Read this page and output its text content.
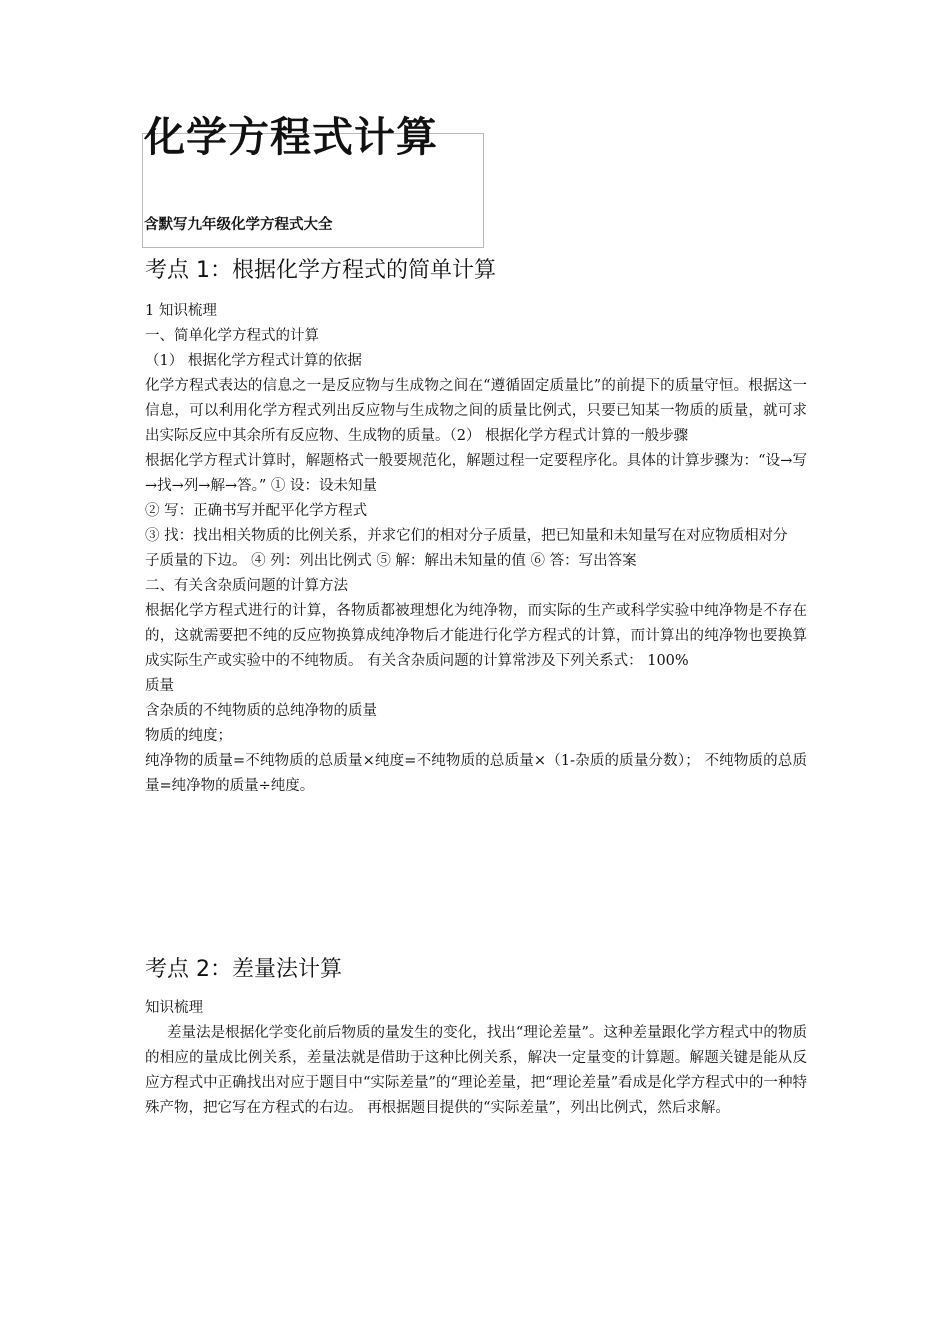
化学方程式计算
含默写九年级化学方程式大全
考点 1：根据化学方程式的简单计算

1 知识梳理

一、简单化学方程式的计算

（1） 根据化学方程式计算的依据

化学方程式表达的信息之一是反应物与生成物之间在“遵循固定质量比”的前提下的质量守恒。根据这一信息，可以利用化学方程式列出反应物与生成物之间的质量比例式，只要已知某一物质的质量，就可求出实际反应中其余所有反应物、生成物的质量。（2） 根据化学方程式计算的一般步骤

根据化学方程式计算时，解题格式一般要规范化，解题过程一定要程序化。具体的计算步骤为：“设→写→找→列→解→答。” ① 设：设未知量

② 写：正确书写并配平化学方程式

③ 找：找出相关物质的比例关系，并求它们的相对分子质量，把已知量和未知量写在对应物质相对分

子质量的下边。 ④ 列：列出比例式 ⑤ 解：解出未知量的值 ⑥ 答：写出答案

二、有关含杂质问题的计算方法

根据化学方程式进行的计算，各物质都被理想化为纯净物，而实际的生产或科学实验中纯净物是不存在的，这就需要把不纯的反应物换算成纯净物后才能进行化学方程式的计算，而计算出的纯净物也要换算成实际生产或实验中的不纯物质。 有关含杂质问题的计算常涉及下列关系式： 100%

质量

含杂质的不纯物质的总纯净物的质量

物质的纯度；

纯净物的质量=不纯物质的总质量×纯度=不纯物质的总质量×（1-杂质的质量分数）； 不纯物质的总质量=纯净物的质量÷纯度。

考点 2：差量法计算

知识梳理

差量法是根据化学变化前后物质的量发生的变化，找出“理论差量”。这种差量跟化学方程式中的物质的相应的量成比例关系，差量法就是借助于这种比例关系，解决一定量变的计算题。解题关键是能从反应方程式中正确找出对应于题目中“实际差量”的“理论差量，把“理论差量”看成是化学方程式中的一种特殊产物，把它写在方程式的右边。 再根据题目提供的“实际差量”，列出比例式，然后求解。
